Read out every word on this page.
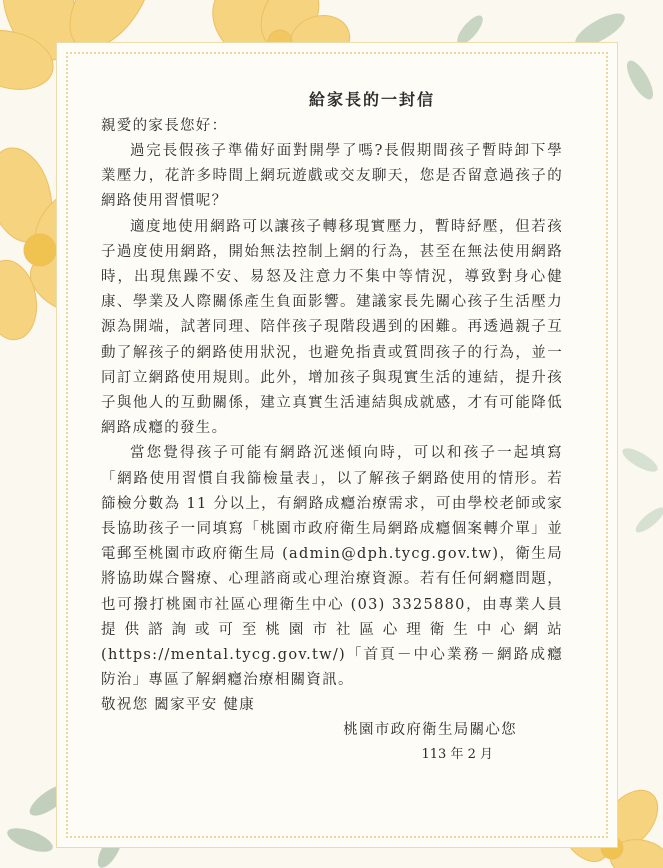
給家長的一封信

親愛的家長您好：

過完長假孩子準備好面對開學了嗎?長假期間孩子暫時卸下學業壓力，花許多時間上網玩遊戲或交友聊天，您是否留意過孩子的網路使用習慣呢？

適度地使用網路可以讓孩子轉移現實壓力，暫時紓壓，但若孩子過度使用網路，開始無法控制上網的行為，甚至在無法使用網路時，出現焦躁不安、易怒及注意力不集中等情況，導致對身心健康、學業及人際關係產生負面影響。建議家長先關心孩子生活壓力源為開端，試著同理、陪伴孩子現階段遇到的困難。再透過親子互動了解孩子的網路使用狀況，也避免指責或質問孩子的行為，並一同訂立網路使用規則。此外，增加孩子與現實生活的連結，提升孩子與他人的互動關係，建立真實生活連結與成就感，才有可能降低網路成癮的發生。

當您覺得孩子可能有網路沉迷傾向時，可以和孩子一起填寫「網路使用習慣自我篩檢量表」，以了解孩子網路使用的情形。若篩檢分數為 11 分以上，有網路成癮治療需求，可由學校老師或家長協助孩子一同填寫「桃園市政府衛生局網路成癮個案轉介單」並電郵至桃園市政府衛生局 (admin@dph.tycg.gov.tw)，衛生局將協助媒合醫療、心理諮商或心理治療資源。若有任何網癮問題，也可撥打桃園市社區心理衛生中心 (03) 3325880，由專業人員提供諮詢或可至桃園市社區心理衛生中心網站 (https://mental.tycg.gov.tw/)「首頁－中心業務－網路成癮防治」專區了解網癮治療相關資訊。

敬祝您 闔家平安 健康

桃園市政府衛生局關心您

113 年 2 月
